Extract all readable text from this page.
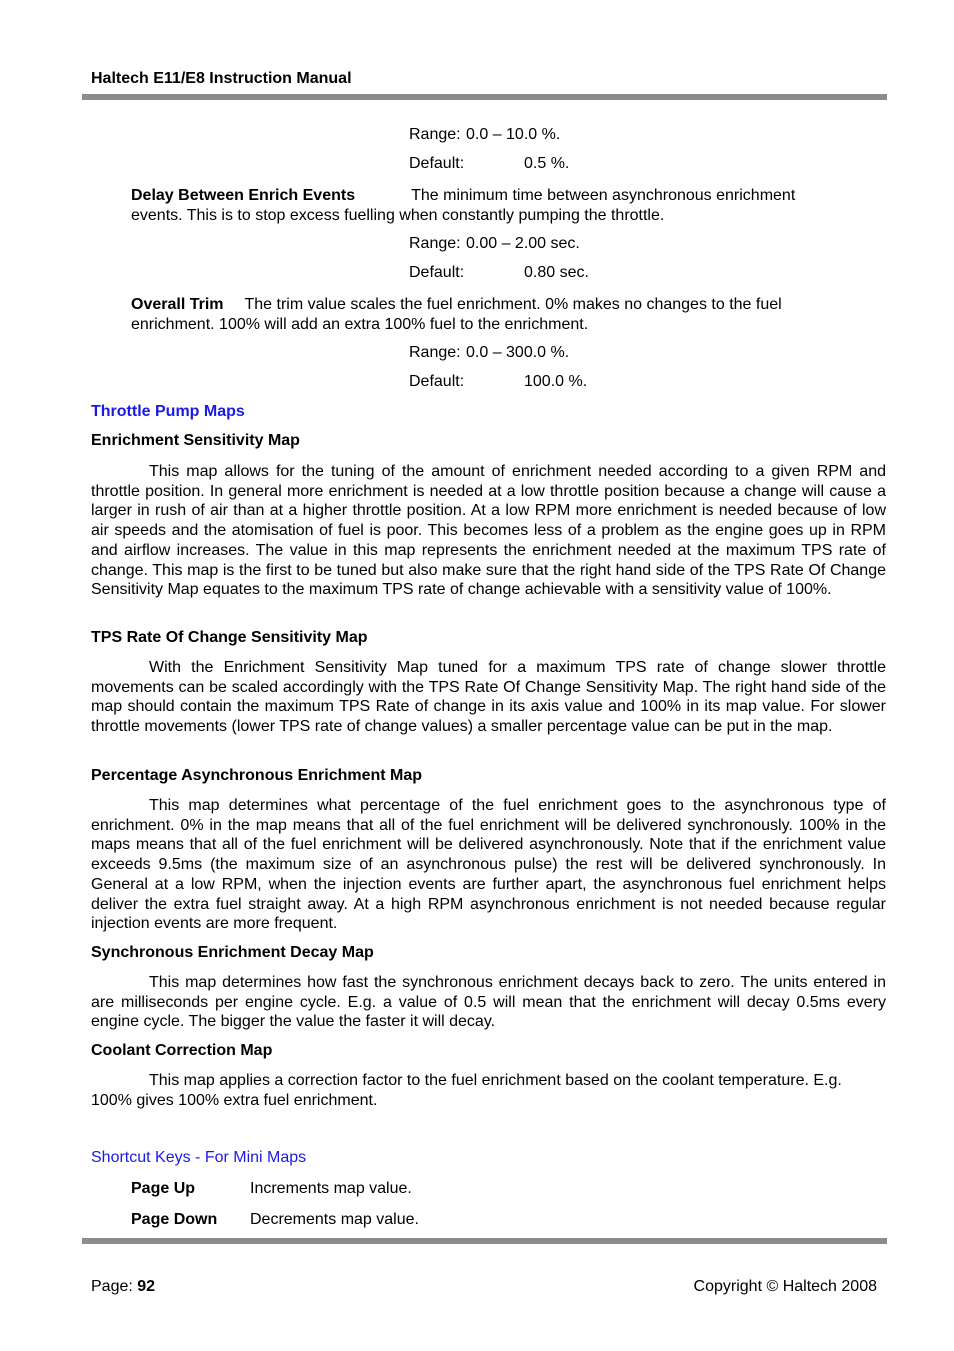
Haltech E11/E8 Instruction Manual
Range: 0.0 – 10.0 %.
Default:	0.5 %.
Delay Between Enrich Events	The minimum time between asynchronous enrichment events. This is to stop excess fuelling when constantly pumping the throttle.
Range: 0.00 – 2.00 sec.
Default:	0.80 sec.
Overall Trim The trim value scales the fuel enrichment. 0% makes no changes to the fuel enrichment. 100% will add an extra 100% fuel to the enrichment.
Range: 0.0 – 300.0 %.
Default:	100.0 %.
Throttle Pump Maps
Enrichment Sensitivity Map
This map allows for the tuning of the amount of enrichment needed according to a given RPM and throttle position. In general more enrichment is needed at a low throttle position because a change will cause a larger in rush of air than at a higher throttle position. At a low RPM more enrichment is needed because of low air speeds and the atomisation of fuel is poor. This becomes less of a problem as the engine goes up in RPM and airflow increases. The value in this map represents the enrichment needed at the maximum TPS rate of change. This map is the first to be tuned but also make sure that the right hand side of the TPS Rate Of Change Sensitivity Map equates to the maximum TPS rate of change achievable with a sensitivity value of 100%.
TPS Rate Of Change Sensitivity Map
With the Enrichment Sensitivity Map tuned for a maximum TPS rate of change slower throttle movements can be scaled accordingly with the TPS Rate Of Change Sensitivity Map. The right hand side of the map should contain the maximum TPS Rate of change in its axis value and 100% in its map value. For slower throttle movements (lower TPS rate of change values) a smaller percentage value can be put in the map.
Percentage Asynchronous Enrichment Map
This map determines what percentage of the fuel enrichment goes to the asynchronous type of enrichment. 0% in the map means that all of the fuel enrichment will be delivered synchronously. 100% in the maps means that all of the fuel enrichment will be delivered asynchronously. Note that if the enrichment value exceeds 9.5ms (the maximum size of an asynchronous pulse) the rest will be delivered synchronously. In General at a low RPM, when the injection events are further apart, the asynchronous fuel enrichment helps deliver the extra fuel straight away. At a high RPM asynchronous enrichment is not needed because regular injection events are more frequent.
Synchronous Enrichment Decay Map
This map determines how fast the synchronous enrichment decays back to zero. The units entered in are milliseconds per engine cycle. E.g. a value of 0.5 will mean that the enrichment will decay 0.5ms every engine cycle. The bigger the value the faster it will decay.
Coolant Correction Map
This map applies a correction factor to the fuel enrichment based on the coolant temperature. E.g. 100% gives 100% extra fuel enrichment.
Shortcut Keys - For Mini Maps
Page Up	Increments map value.
Page Down Decrements map value.
Page: 92	Copyright © Haltech 2008
